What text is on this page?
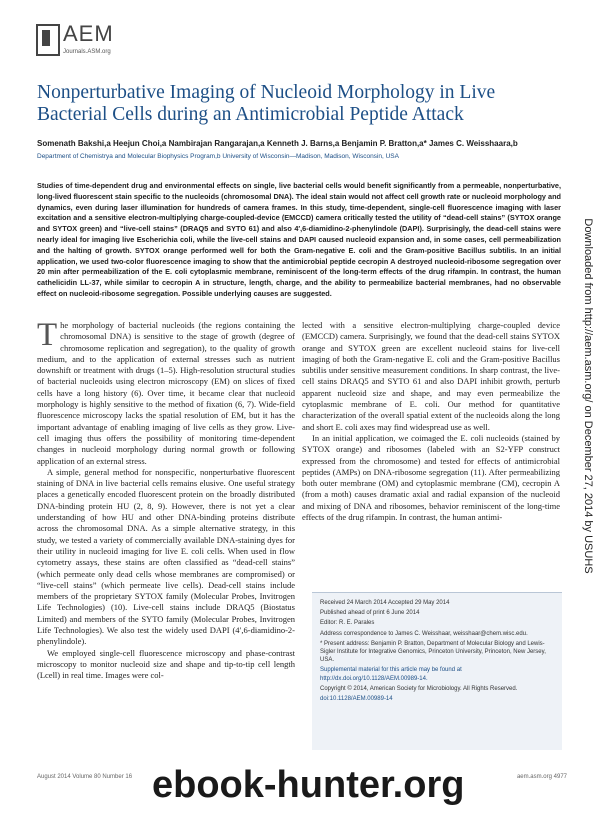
AEM
Journals.ASM.org
Nonperturbative Imaging of Nucleoid Morphology in Live Bacterial Cells during an Antimicrobial Peptide Attack
Somenath Bakshi,a Heejun Choi,a Nambirajan Rangarajan,a Kenneth J. Barns,a Benjamin P. Bratton,a* James C. Weisshaara,b
Department of Chemistrya and Molecular Biophysics Program,b University of Wisconsin—Madison, Madison, Wisconsin, USA

Studies of time-dependent drug and environmental effects on single, live bacterial cells would benefit significantly from a permeable, nonperturbative, long-lived fluorescent stain specific to the nucleoids (chromosomal DNA). The ideal stain would not affect cell growth rate or nucleoid morphology and dynamics, even during laser illumination for hundreds of camera frames. In this study, time-dependent, single-cell fluorescence imaging with laser excitation and a sensitive electron-multiplying charge-coupled-device (EMCCD) camera critically tested the utility of “dead-cell stains” (SYTOX orange and SYTOX green) and “live-cell stains” (DRAQ5 and SYTO 61) and also 4′,6-diamidino-2-phenylindole (DAPI). Surprisingly, the dead-cell stains were nearly ideal for imaging live Escherichia coli, while the live-cell stains and DAPI caused nucleoid expansion and, in some cases, cell permeabilization and the halting of growth. SYTOX orange performed well for both the Gram-negative E. coli and the Gram-positive Bacillus subtilis. In an initial application, we used two-color fluorescence imaging to show that the antimicrobial peptide cecropin A destroyed nucleoid-ribosome segregation over 20 min after permeabilization of the E. coli cytoplasmic membrane, reminiscent of the long-term effects of the drug rifampin. In contrast, the human cathelicidin LL-37, while similar to cecropin A in structure, length, charge, and the ability to permeabilize bacterial membranes, had no observable effect on nucleoid-ribosome segregation. Possible underlying causes are suggested.

The morphology of bacterial nucleoids (the regions containing the chromosomal DNA) is sensitive to the stage of growth (degree of chromosome replication and segregation), to the quality of growth medium, and to the application of external stresses such as nutrient downshift or treatment with drugs (1–5). High-resolution structural studies of bacterial nucleoids using electron microscopy (EM) on slices of fixed cells have a long history (6). Over time, it became clear that nucleoid morphology is highly sensitive to the method of fixation (6, 7). Wide-field fluorescence microscopy lacks the spatial resolution of EM, but it has the important advantage of enabling imaging of live cells as they grow. Live-cell imaging thus offers the possibility of monitoring time-dependent changes in nucleoid morphology during normal growth or following application of an external stress.

A simple, general method for nonspecific, nonperturbative fluorescent staining of DNA in live bacterial cells remains elusive. One useful strategy places a genetically encoded fluorescent protein on the broadly distributed DNA-binding protein HU (2, 8, 9). However, there is not yet a clear understanding of how HU and other DNA-binding proteins distribute across the chromosomal DNA. As a simple alternative strategy, in this study, we tested a variety of commercially available DNA-staining dyes for their utility in nucleoid imaging for live E. coli cells. When used in flow cytometry assays, these stains are often classified as “dead-cell stains” (which permeate only dead cells whose membranes are compromised) or “live-cell stains” (which permeate live cells). Dead-cell stains include members of the proprietary SYTOX family (Molecular Probes, Invitrogen Life Technologies) (10). Live-cell stains include DRAQ5 (Biostatus Limited) and members of the SYTO family (Molecular Probes, Invitrogen Life Technologies). We also test the widely used DAPI (4′,6-diamidino-2-phenylindole).

We employed single-cell fluorescence microscopy and phase-contrast microscopy to monitor nucleoid size and shape and tip-to-tip cell length (Lcell) in real time. Images were col-

lected with a sensitive electron-multiplying charge-coupled device (EMCCD) camera. Surprisingly, we found that the dead-cell stains SYTOX orange and SYTOX green are excellent nucleoid stains for live-cell imaging of both the Gram-negative E. coli and the Gram-positive Bacillus subtilis under sensitive measurement conditions. In sharp contrast, the live-cell stains DRAQ5 and SYTO 61 and also DAPI inhibit growth, perturb apparent nucleoid size and shape, and may even permeabilize the cytoplasmic membrane of E. coli. Our method for quantitative characterization of the overall spatial extent of the nucleoids along the long and short E. coli axes may find widespread use as well.

In an initial application, we coimaged the E. coli nucleoids (stained by SYTOX orange) and ribosomes (labeled with an S2-YFP construct expressed from the chromosome) and tested for effects of antimicrobial peptides (AMPs) on DNA-ribosome segregation (11). After permeabilizing both outer membrane (OM) and cytoplasmic membrane (CM), cecropin A (from a moth) causes dramatic axial and radial expansion of the nucleoid and mixing of DNA and ribosomes, behavior reminiscent of the long-time effects of the drug rifampin. In contrast, the human antimi-

Received 24 March 2014 Accepted 29 May 2014
Published ahead of print 6 June 2014
Editor: R. E. Parales
Address correspondence to James C. Weisshaar, weisshaar@chem.wisc.edu.
* Present address: Benjamin P. Bratton, Department of Molecular Biology and Lewis-Sigler Institute for Integrative Genomics, Princeton University, Princeton, New Jersey, USA.
Supplemental material for this article may be found at http://dx.doi.org/10.1128/AEM.00989-14.
Copyright © 2014, American Society for Microbiology. All Rights Reserved.
doi:10.1128/AEM.00989-14
Downloaded from http://aem.asm.org/ on December 27, 2014 by USUHS
August 2014 Volume 80 Number 16	aem.asm.org 4977
ebook-hunter.org
